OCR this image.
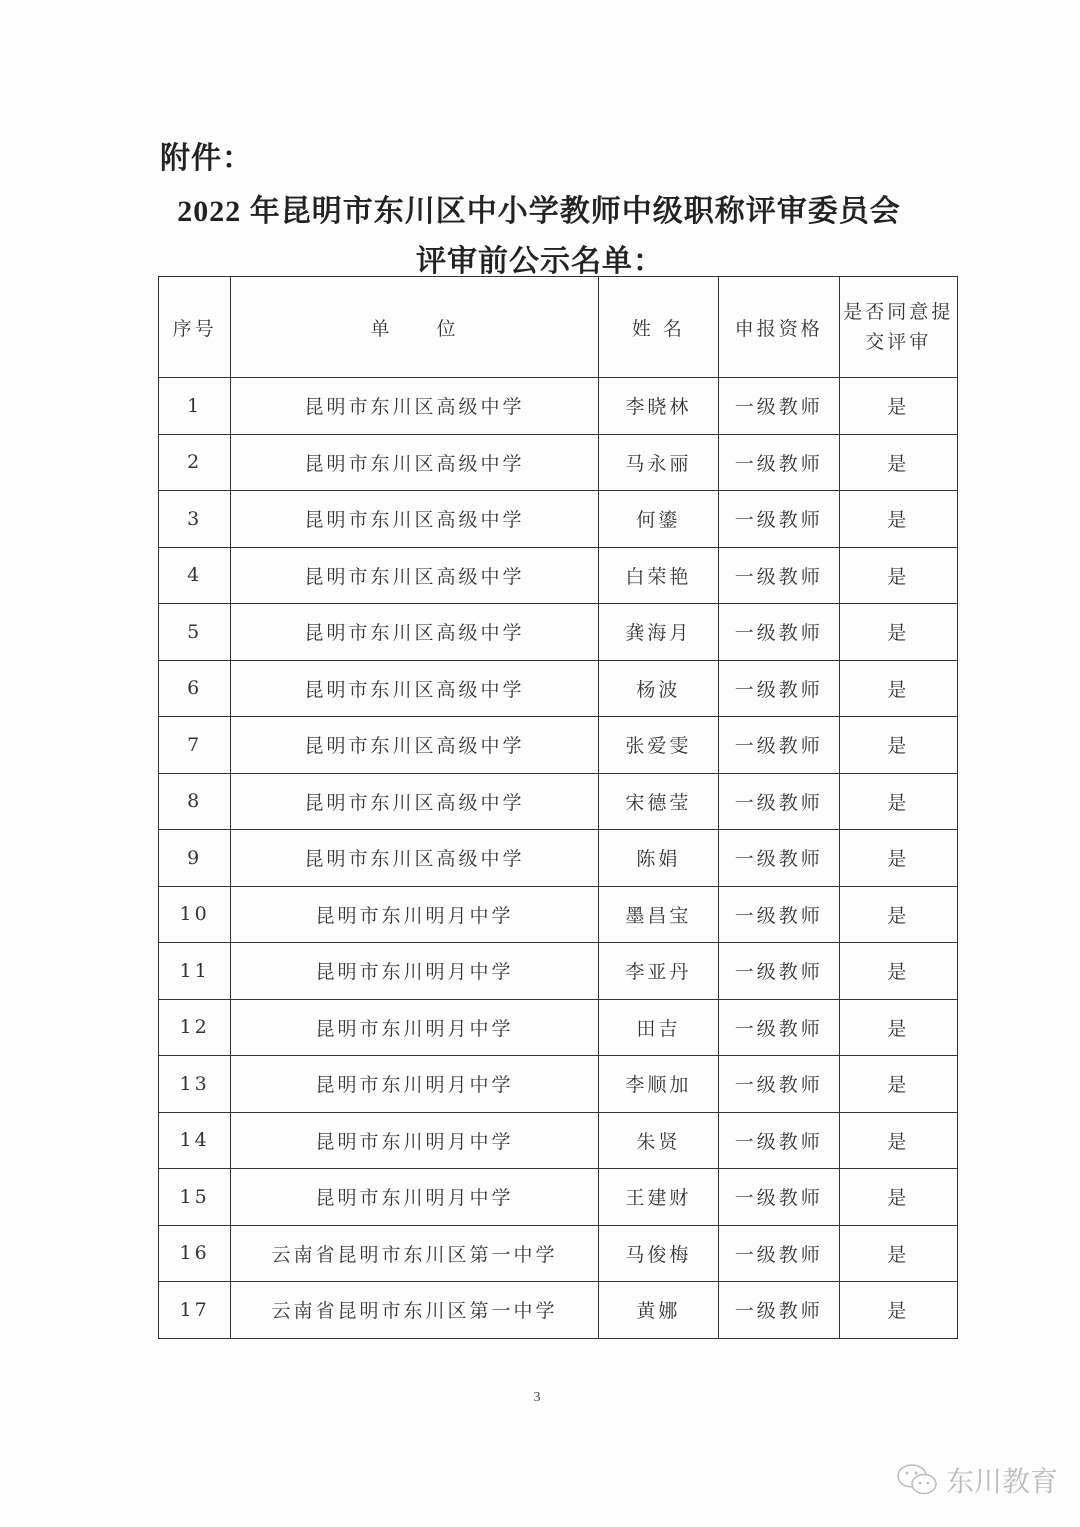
附件：
2022 年昆明市东川区中小学教师中级职称评审委员会
评审前公示名单：
序号	单　　位	姓 名	申报资格	是否同意提交评审

1	昆明市东川区高级中学	李晓林	一级教师	是
2	昆明市东川区高级中学	马永丽	一级教师	是
3	昆明市东川区高级中学	何鎏	一级教师	是
4	昆明市东川区高级中学	白荣艳	一级教师	是
5	昆明市东川区高级中学	龚海月	一级教师	是
6	昆明市东川区高级中学	杨波	一级教师	是
7	昆明市东川区高级中学	张爱雯	一级教师	是
8	昆明市东川区高级中学	宋德莹	一级教师	是
9	昆明市东川区高级中学	陈娟	一级教师	是
10	昆明市东川明月中学	墨昌宝	一级教师	是
11	昆明市东川明月中学	李亚丹	一级教师	是
12	昆明市东川明月中学	田吉	一级教师	是
13	昆明市东川明月中学	李顺加	一级教师	是
14	昆明市东川明月中学	朱贤	一级教师	是
15	昆明市东川明月中学	王建财	一级教师	是
16	云南省昆明市东川区第一中学	马俊梅	一级教师	是
17	云南省昆明市东川区第一中学	黄娜	一级教师	是
3
东川教育
